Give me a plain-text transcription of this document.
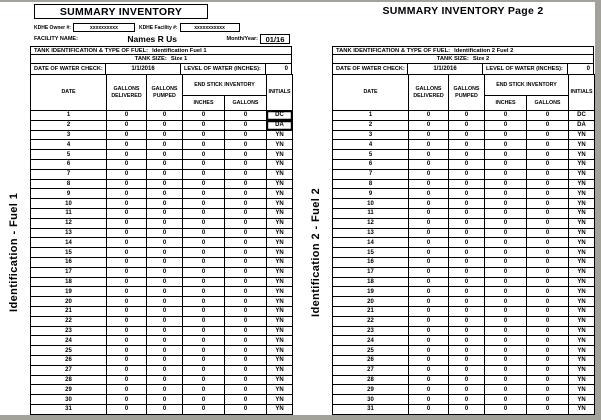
Identification - Fuel 1	Identification 2 - Fuel 2
SUMMARY INVENTORY
KDHE Owner #:	xxxxxxxxxx	KDHE Facility #:	xxxxxxxxxxx
FACILITY NAME:	Names R Us	Month/Year:	01/16
TANK IDENTIFICATION & TYPE OF FUEL: Identification Fuel 1
TANK SIZE: Size 1
DATE OF WATER CHECK:	1/1/2016	LEVEL OF WATER (INCHES):	0
DATE	GALLONS DELIVERED	GALLONS PUMPED	END STICK INVENTORY		INITIALS
			INCHES	GALLONS	
1	0	0	0	0	DC
2	0	0	0	0	DA
3	0	0	0	0	YN
4	0	0	0	0	YN
5	0	0	0	0	YN
6	0	0	0	0	YN
7	0	0	0	0	YN
8	0	0	0	0	YN
9	0	0	0	0	YN
10	0	0	0	0	YN
11	0	0	0	0	YN
12	0	0	0	0	YN
13	0	0	0	0	YN
14	0	0	0	0	YN
15	0	0	0	0	YN
16	0	0	0	0	YN
17	0	0	0	0	YN
18	0	0	0	0	YN
19	0	0	0	0	YN
20	0	0	0	0	YN
21	0	0	0	0	YN
22	0	0	0	0	YN
23	0	0	0	0	YN
24	0	0	0	0	YN
25	0	0	0	0	YN
26	0	0	0	0	YN
27	0	0	0	0	YN
28	0	0	0	0	YN
29	0	0	0	0	YN
30	0	0	0	0	YN
31	0	0	0	0	YN
SUMMARY INVENTORY Page 2
TANK IDENTIFICATION & TYPE OF FUEL: Identification 2 Fuel 2
TANK SIZE: Size 2
DATE OF WATER CHECK:	1/1/2016	LEVEL OF WATER (INCHES):	0
DATE	GALLONS DELIVERED	GALLONS PUMPED	END STICK INVENTORY		INITIALS
			INCHES	GALLONS	
1	0	0	0	0	DC
2	0	0	0	0	DA
3	0	0	0	0	YN
4	0	0	0	0	YN
5	0	0	0	0	YN
6	0	0	0	0	YN
7	0	0	0	0	YN
8	0	0	0	0	YN
9	0	0	0	0	YN
10	0	0	0	0	YN
11	0	0	0	0	YN
12	0	0	0	0	YN
13	0	0	0	0	YN
14	0	0	0	0	YN
15	0	0	0	0	YN
16	0	0	0	0	YN
17	0	0	0	0	YN
18	0	0	0	0	YN
19	0	0	0	0	YN
20	0	0	0	0	YN
21	0	0	0	0	YN
22	0	0	0	0	YN
23	0	0	0	0	YN
24	0	0	0	0	YN
25	0	0	0	0	YN
26	0	0	0	0	YN
27	0	0	0	0	YN
28	0	0	0	0	YN
29	0	0	0	0	YN
30	0	0	0	0	YN
31	0	0	0	0	YN
